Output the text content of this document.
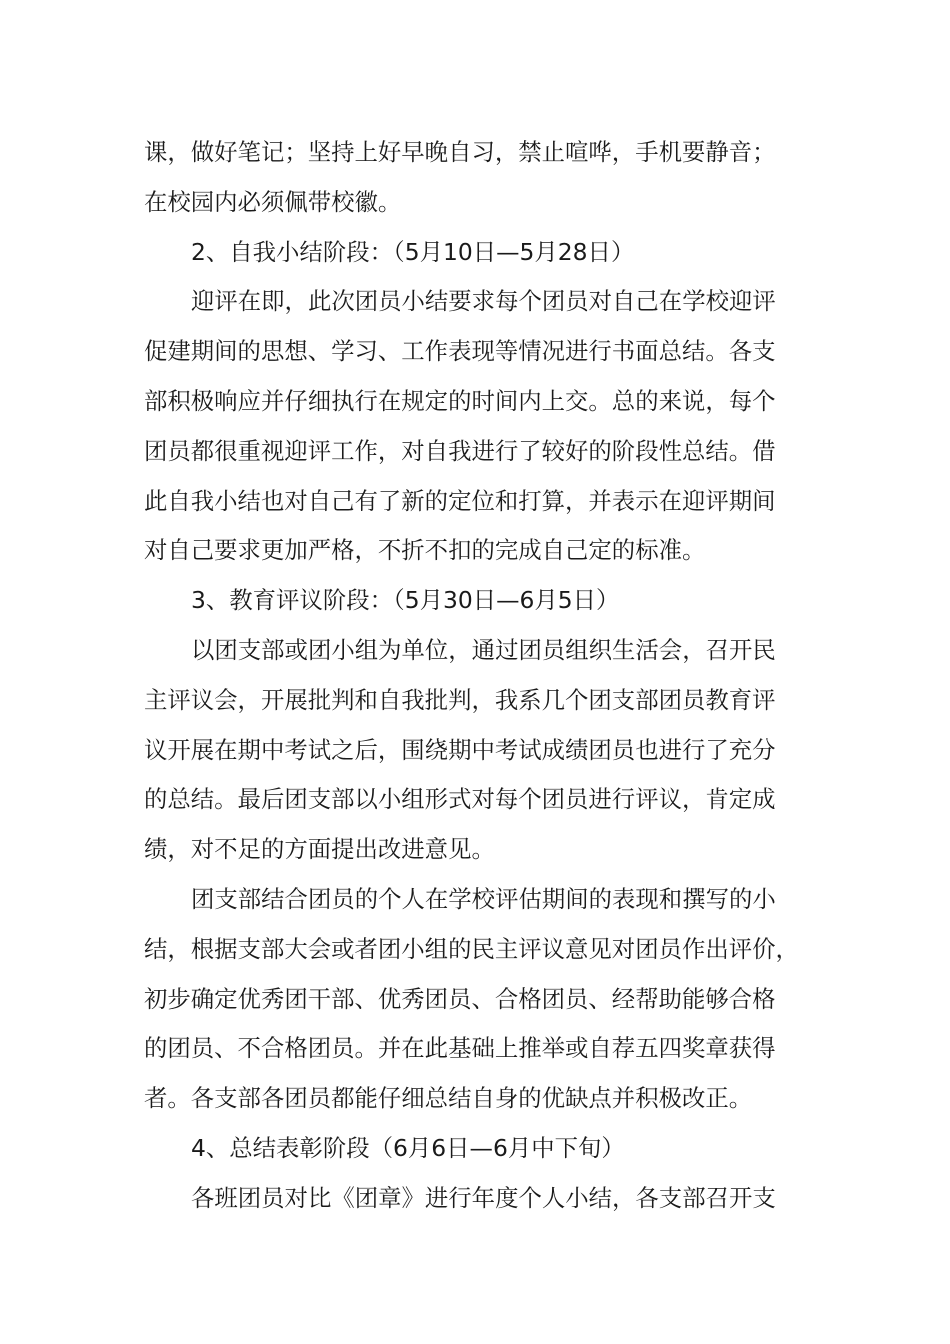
课，做好笔记；坚持上好早晚自习，禁止喧哗，手机要静音；
在校园内必须佩带校徽。
2、自我小结阶段：（5月10日—5月28日）
迎评在即，此次团员小结要求每个团员对自己在学校迎评
促建期间的思想、学习、工作表现等情况进行书面总结。各支
部积极响应并仔细执行在规定的时间内上交。总的来说，每个
团员都很重视迎评工作，对自我进行了较好的阶段性总结。借
此自我小结也对自己有了新的定位和打算，并表示在迎评期间
对自己要求更加严格，不折不扣的完成自己定的标准。
3、教育评议阶段：（5月30日—6月5日）
以团支部或团小组为单位，通过团员组织生活会，召开民
主评议会，开展批判和自我批判，我系几个团支部团员教育评
议开展在期中考试之后，围绕期中考试成绩团员也进行了充分
的总结。最后团支部以小组形式对每个团员进行评议，肯定成
绩，对不足的方面提出改进意见。
团支部结合团员的个人在学校评估期间的表现和撰写的小
结，根据支部大会或者团小组的民主评议意见对团员作出评价，
初步确定优秀团干部、优秀团员、合格团员、经帮助能够合格
的团员、不合格团员。并在此基础上推举或自荐五四奖章获得
者。各支部各团员都能仔细总结自身的优缺点并积极改正。
4、总结表彰阶段（6月6日—6月中下旬）
各班团员对比《团章》进行年度个人小结，各支部召开支
